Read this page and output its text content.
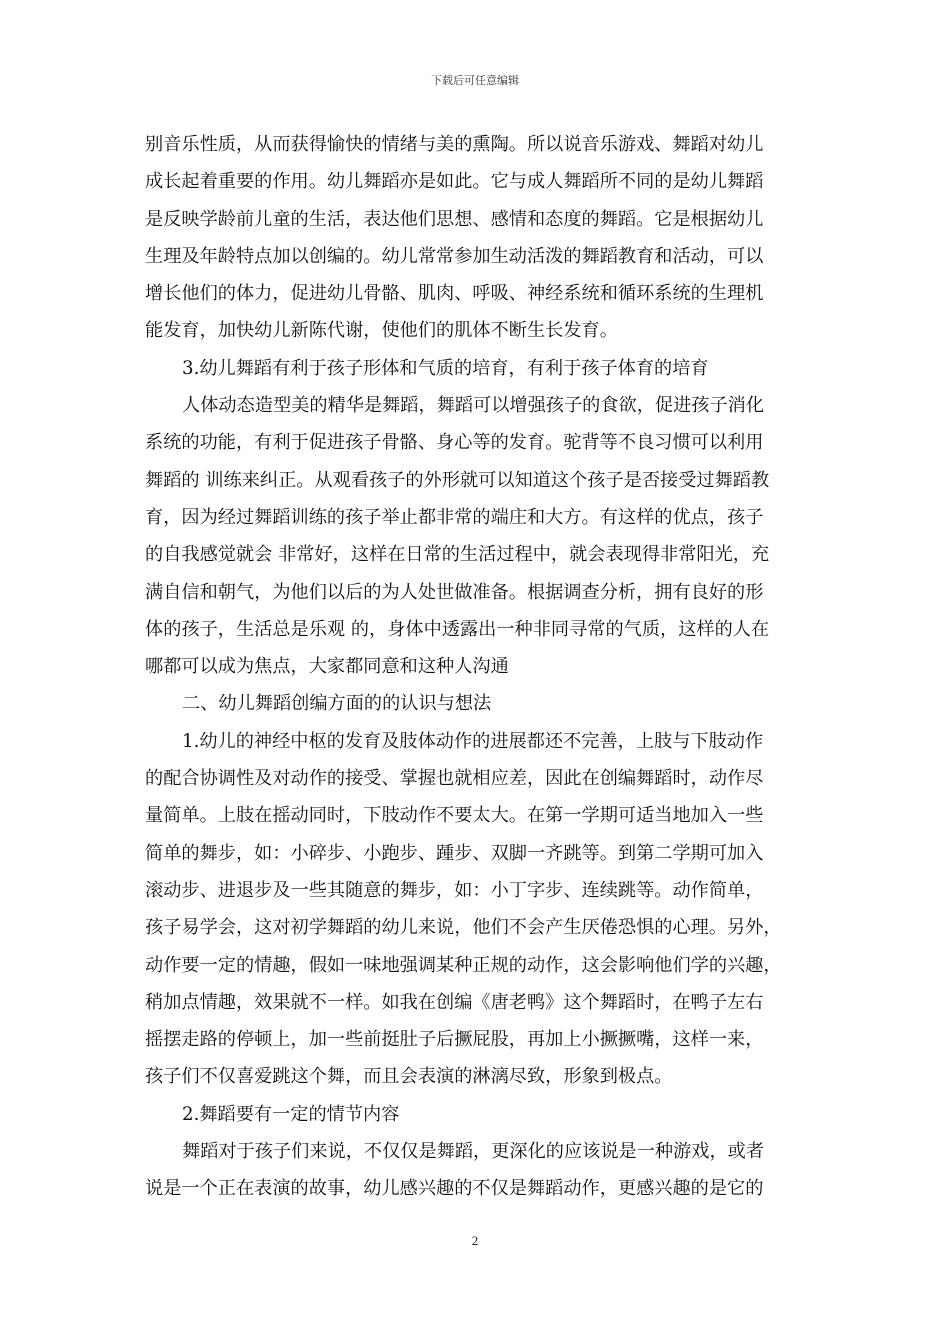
下载后可任意编辑
别音乐性质，从而获得愉快的情绪与美的熏陶。所以说音乐游戏、舞蹈对幼儿
成长起着重要的作用。幼儿舞蹈亦是如此。它与成人舞蹈所不同的是幼儿舞蹈
是反映学龄前儿童的生活，表达他们思想、感情和态度的舞蹈。它是根据幼儿
生理及年龄特点加以创编的。幼儿常常参加生动活泼的舞蹈教育和活动，可以
增长他们的体力，促进幼儿骨骼、肌肉、呼吸、神经系统和循环系统的生理机
能发育，加快幼儿新陈代谢，使他们的肌体不断生长发育。
3.幼儿舞蹈有利于孩子形体和气质的培育，有利于孩子体育的培育
人体动态造型美的精华是舞蹈，舞蹈可以增强孩子的食欲，促进孩子消化
系统的功能，有利于促进孩子骨骼、身心等的发育。驼背等不良习惯可以利用
舞蹈的 训练来纠正。从观看孩子的外形就可以知道这个孩子是否接受过舞蹈教
育，因为经过舞蹈训练的孩子举止都非常的端庄和大方。有这样的优点，孩子
的自我感觉就会 非常好，这样在日常的生活过程中，就会表现得非常阳光，充
满自信和朝气，为他们以后的为人处世做准备。根据调查分析，拥有良好的形
体的孩子，生活总是乐观 的，身体中透露出一种非同寻常的气质，这样的人在
哪都可以成为焦点，大家都同意和这种人沟通
二、幼儿舞蹈创编方面的的认识与想法
1.幼儿的神经中枢的发育及肢体动作的进展都还不完善，上肢与下肢动作
的配合协调性及对动作的接受、掌握也就相应差，因此在创编舞蹈时，动作尽
量简单。上肢在摇动同时，下肢动作不要太大。在第一学期可适当地加入一些
简单的舞步，如：小碎步、小跑步、踵步、双脚一齐跳等。到第二学期可加入
滚动步、进退步及一些其随意的舞步，如：小丁字步、连续跳等。动作简单，
孩子易学会，这对初学舞蹈的幼儿来说，他们不会产生厌倦恐惧的心理。另外，
动作要一定的情趣，假如一味地强调某种正规的动作，这会影响他们学的兴趣，
稍加点情趣，效果就不一样。如我在创编《唐老鸭》这个舞蹈时，在鸭子左右
摇摆走路的停顿上，加一些前挺肚子后撅屁股，再加上小撅撅嘴，这样一来，
孩子们不仅喜爱跳这个舞，而且会表演的淋漓尽致，形象到极点。
2.舞蹈要有一定的情节内容
舞蹈对于孩子们来说，不仅仅是舞蹈，更深化的应该说是一种游戏，或者
说是一个正在表演的故事，幼儿感兴趣的不仅是舞蹈动作，更感兴趣的是它的
2
